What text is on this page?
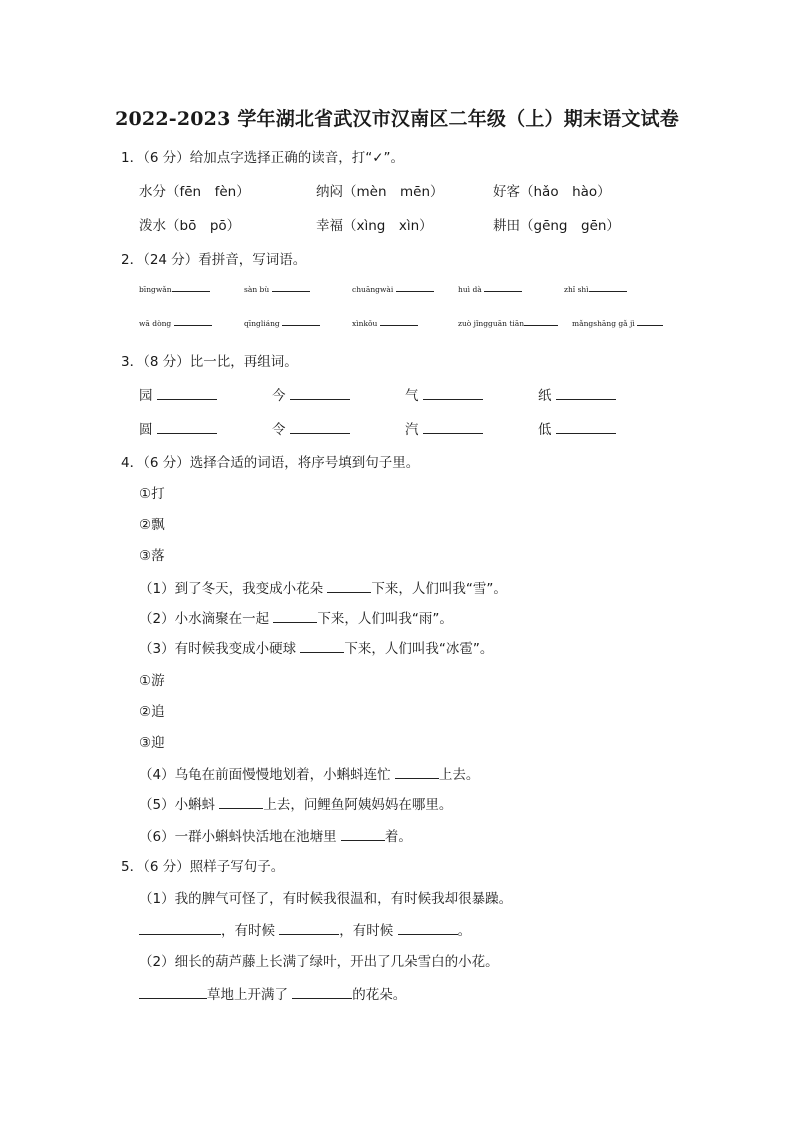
2022-2023 学年湖北省武汉市汉南区二年级（上）期末语文试卷
1．（6 分）给加点字选择正确的读音，打“✓”。
水分（fēn　fèn）	纳闷（mèn　mēn）	好客（hǎo　hào）
泼水（bō　pō）	幸福（xìng　xìn）	耕田（gēng　gēn）
2．（24 分）看拼音，写词语。
bīngwǎn	sàn bù	chuāngwài	huì dà	zhǐ shì
wā dòng	qīngliáng	xìnkǒu	zuò jǐngguān tiān	mǎngshāng gǎ jì
3．（8 分）比一比，再组词。
园	今	气	纸
圆	令	汽	低
4．（6 分）选择合适的词语，将序号填到句子里。
①打
②飘
③落
（1）到了冬天，我变成小花朵	下来，人们叫我“雪”。
（2）小水滴聚在一起	下来，人们叫我“雨”。
（3）有时候我变成小硬球	下来，人们叫我“冰雹”。
①游
②追
③迎
（4）乌龟在前面慢慢地划着，小蝌蚪连忙	上去。
（5）小蝌蚪	上去，问鲤鱼阿姨妈妈在哪里。
（6）一群小蝌蚪快活地在池塘里	着。
5．（6 分）照样子写句子。
（1）我的脾气可怪了，有时候我很温和，有时候我却很暴躁。
，有时候	，有时候	。
（2）细长的葫芦藤上长满了绿叶，开出了几朵雪白的小花。
草地上开满了	的花朵。
